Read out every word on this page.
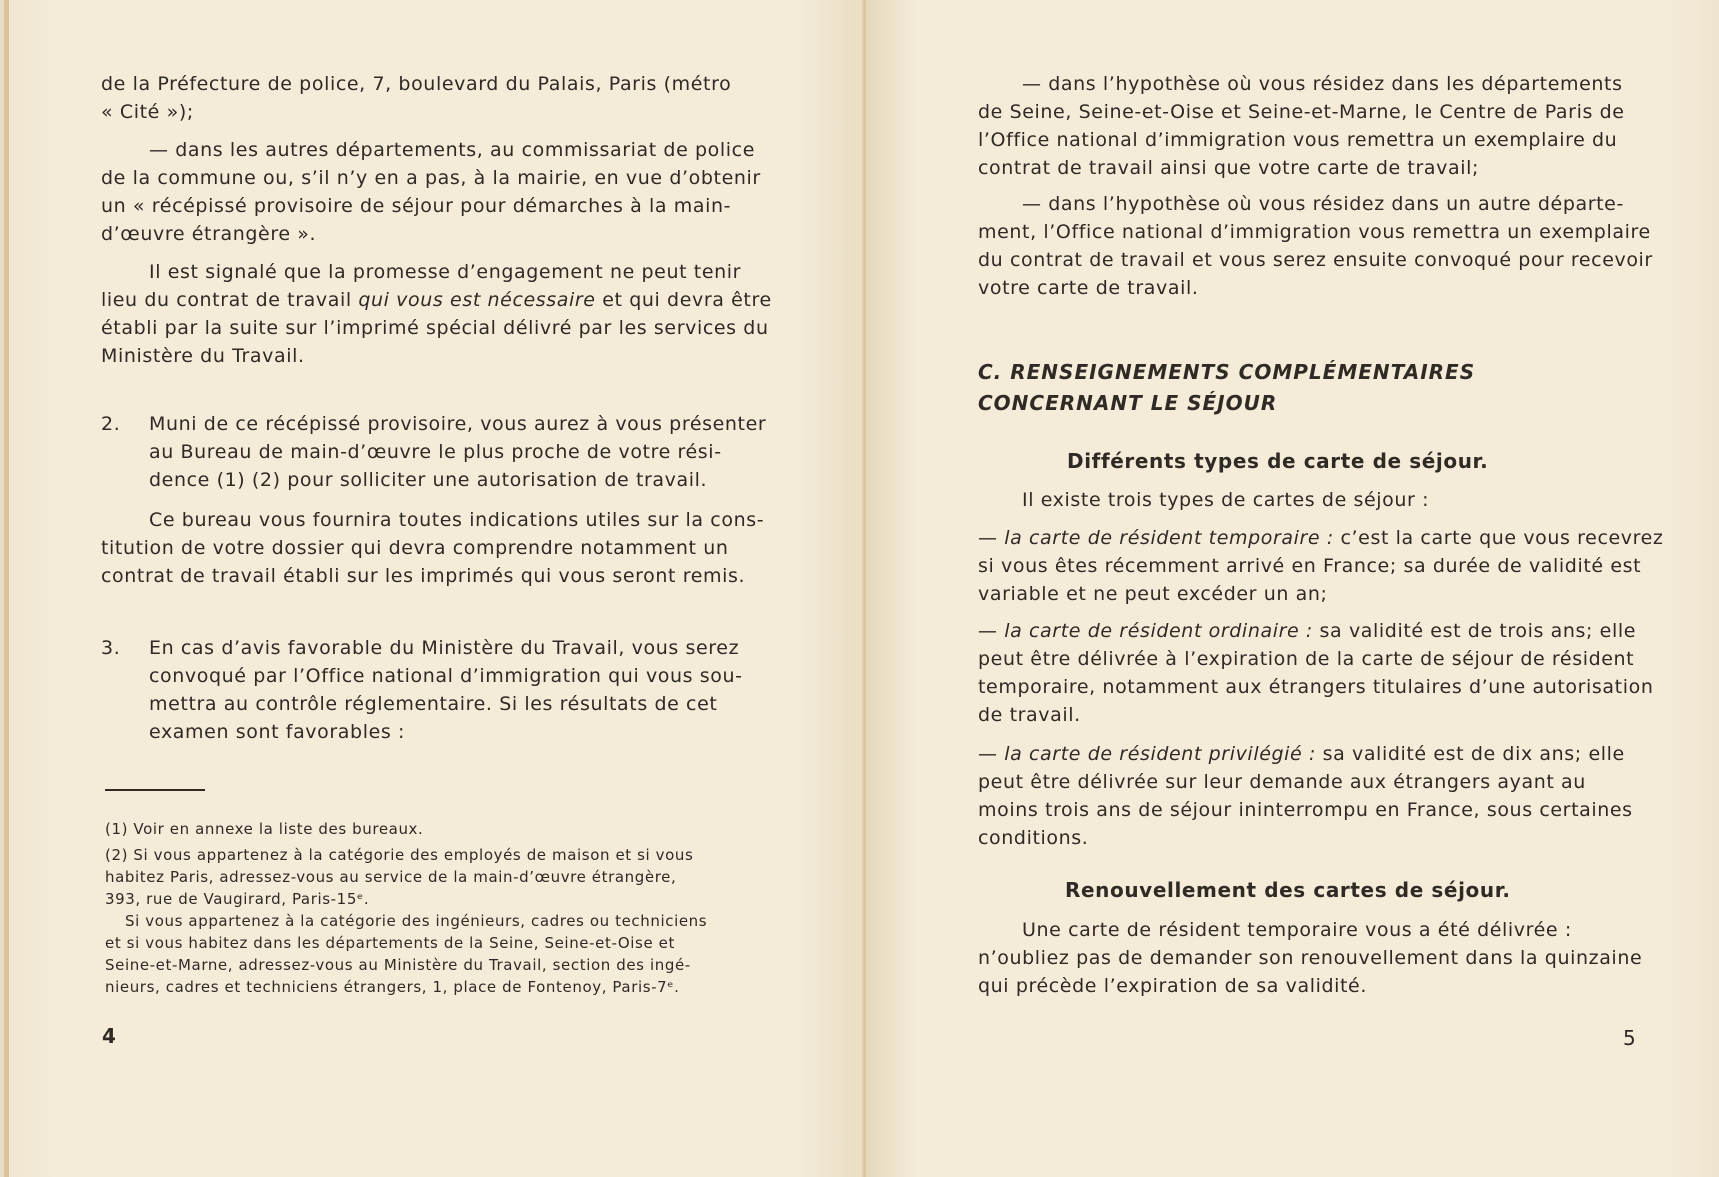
de la Préfecture de police, 7, boulevard du Palais, Paris (métro
« Cité »);
— dans les autres départements, au commissariat de police
de la commune ou, s’il n’y en a pas, à la mairie, en vue d’obtenir
un « récépissé provisoire de séjour pour démarches à la main-
d’œuvre étrangère ».
Il est signalé que la promesse d’engagement ne peut tenir
lieu du contrat de travail qui vous est nécessaire et qui devra être
établi par la suite sur l’imprimé spécial délivré par les services du
Ministère du Travail.
2. Muni de ce récépissé provisoire, vous aurez à vous présenter
au Bureau de main-d’œuvre le plus proche de votre rési-
dence (1) (2) pour solliciter une autorisation de travail.
Ce bureau vous fournira toutes indications utiles sur la cons-
titution de votre dossier qui devra comprendre notamment un
contrat de travail établi sur les imprimés qui vous seront remis.
3. En cas d’avis favorable du Ministère du Travail, vous serez
convoqué par l’Office national d’immigration qui vous sou-
mettra au contrôle réglementaire. Si les résultats de cet
examen sont favorables :
(1) Voir en annexe la liste des bureaux.
(2) Si vous appartenez à la catégorie des employés de maison et si vous
habitez Paris, adressez-vous au service de la main-d’œuvre étrangère,
393, rue de Vaugirard, Paris-15ᵉ.
Si vous appartenez à la catégorie des ingénieurs, cadres ou techniciens
et si vous habitez dans les départements de la Seine, Seine-et-Oise et
Seine-et-Marne, adressez-vous au Ministère du Travail, section des ingé-
nieurs, cadres et techniciens étrangers, 1, place de Fontenoy, Paris-7ᵉ.
4
— dans l’hypothèse où vous résidez dans les départements
de Seine, Seine-et-Oise et Seine-et-Marne, le Centre de Paris de
l’Office national d’immigration vous remettra un exemplaire du
contrat de travail ainsi que votre carte de travail;
— dans l’hypothèse où vous résidez dans un autre départe-
ment, l’Office national d’immigration vous remettra un exemplaire
du contrat de travail et vous serez ensuite convoqué pour recevoir
votre carte de travail.
C. RENSEIGNEMENTS COMPLÉMENTAIRES
CONCERNANT LE SÉJOUR
Différents types de carte de séjour.
Il existe trois types de cartes de séjour :
— la carte de résident temporaire : c’est la carte que vous recevrez
si vous êtes récemment arrivé en France; sa durée de validité est
variable et ne peut excéder un an;
— la carte de résident ordinaire : sa validité est de trois ans; elle
peut être délivrée à l’expiration de la carte de séjour de résident
temporaire, notamment aux étrangers titulaires d’une autorisation
de travail.
— la carte de résident privilégié : sa validité est de dix ans; elle
peut être délivrée sur leur demande aux étrangers ayant au
moins trois ans de séjour ininterrompu en France, sous certaines
conditions.
Renouvellement des cartes de séjour.
Une carte de résident temporaire vous a été délivrée :
n’oubliez pas de demander son renouvellement dans la quinzaine
qui précède l’expiration de sa validité.
5
